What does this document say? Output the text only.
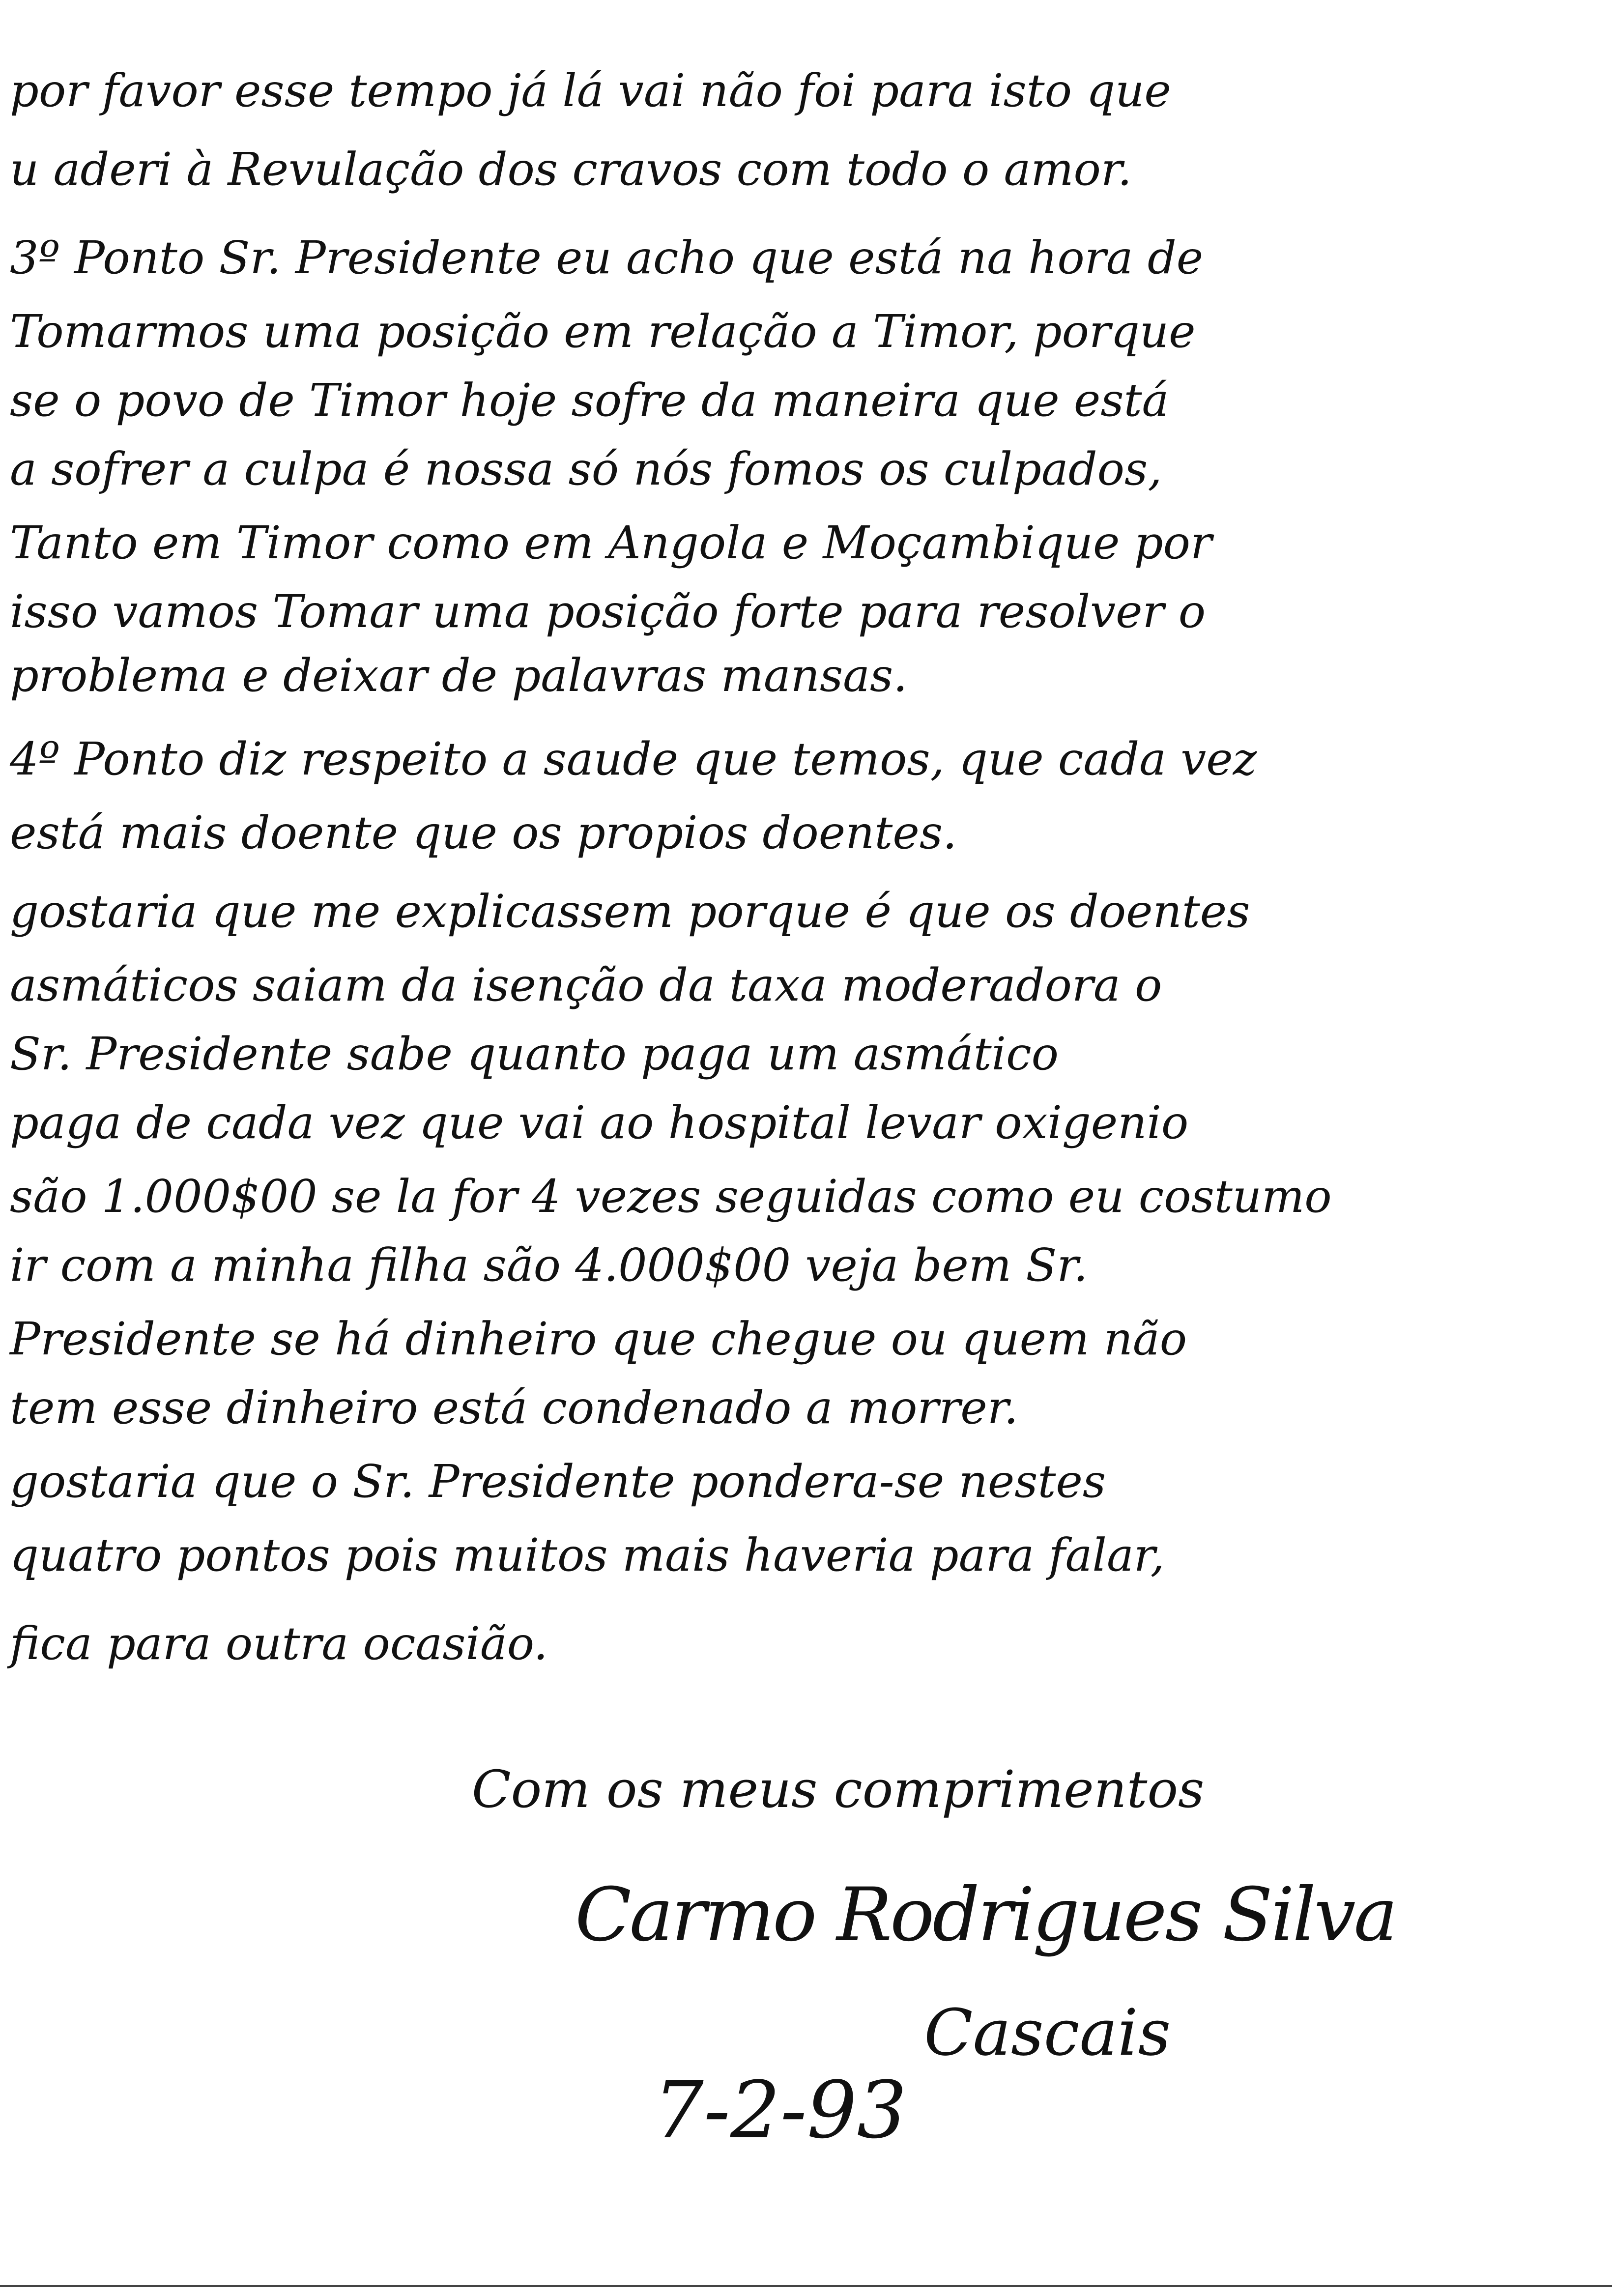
por favor esse tempo já lá vai não foi para isto que
u aderi à Revulação dos cravos com todo o amor.
3º Ponto Sr. Presidente eu acho que está na hora de
Tomarmos uma posição em relação a Timor, porque
se o povo de Timor hoje sofre da maneira que está
a sofrer a culpa é nossa só nós fomos os culpados,
Tanto em Timor como em Angola e Moçambique por
isso vamos Tomar uma posição forte para resolver o
problema e deixar de palavras mansas.
4º Ponto diz respeito a saude que temos, que cada vez
está mais doente que os propios doentes.
gostaria que me explicassem porque é que os doentes
asmáticos saiam da isenção da taxa moderadora o
Sr. Presidente sabe quanto paga um asmático
paga de cada vez que vai ao hospital levar oxigenio
são 1.000$00 se la for 4 vezes seguidas como eu costumo
ir com a minha filha são 4.000$00 veja bem Sr.
Presidente se há dinheiro que chegue ou quem não
tem esse dinheiro está condenado a morrer.
gostaria que o Sr. Presidente pondera-se nestes
quatro pontos pois muitos mais haveria para falar,
fica para outra ocasião.
Com os meus comprimentos
Carmo Rodrigues Silva
Cascais
7-2-93
